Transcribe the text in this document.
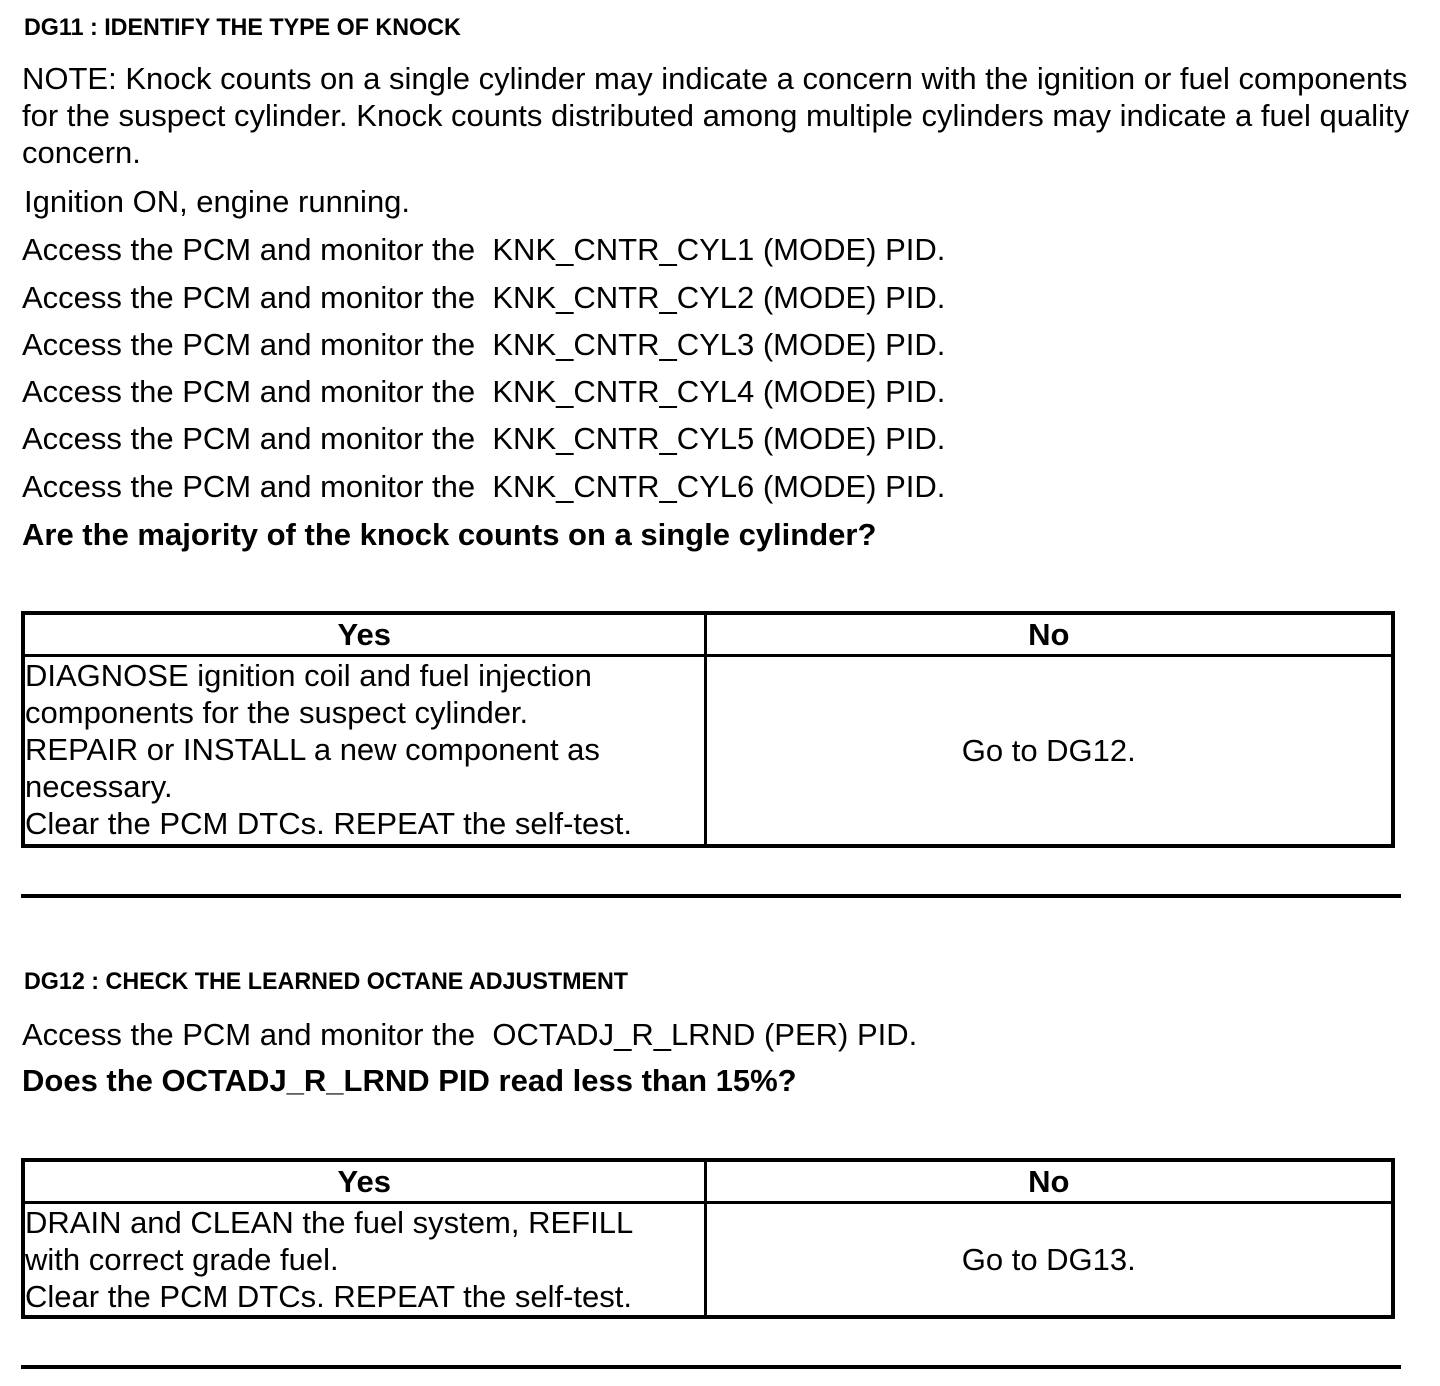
DG11 : IDENTIFY THE TYPE OF KNOCK
NOTE: Knock counts on a single cylinder may indicate a concern with the ignition or fuel components for the suspect cylinder. Knock counts distributed among multiple cylinders may indicate a fuel quality concern.
Ignition ON, engine running.
Access the PCM and monitor the  KNK_CNTR_CYL1 (MODE) PID.
Access the PCM and monitor the  KNK_CNTR_CYL2 (MODE) PID.
Access the PCM and monitor the  KNK_CNTR_CYL3 (MODE) PID.
Access the PCM and monitor the  KNK_CNTR_CYL4 (MODE) PID.
Access the PCM and monitor the  KNK_CNTR_CYL5 (MODE) PID.
Access the PCM and monitor the  KNK_CNTR_CYL6 (MODE) PID.
Are the majority of the knock counts on a single cylinder?
Yes	No

DIAGNOSE ignition coil and fuel injection
components for the suspect cylinder.
REPAIR or INSTALL a new component as
necessary.
Clear the PCM DTCs. REPEAT the self-test.	Go to DG12.
DG12 : CHECK THE LEARNED OCTANE ADJUSTMENT
Access the PCM and monitor the  OCTADJ_R_LRND (PER) PID.
Does the OCTADJ_R_LRND PID read less than 15%?
Yes	No

DRAIN and CLEAN the fuel system, REFILL
with correct grade fuel.
Clear the PCM DTCs. REPEAT the self-test.	Go to DG13.
